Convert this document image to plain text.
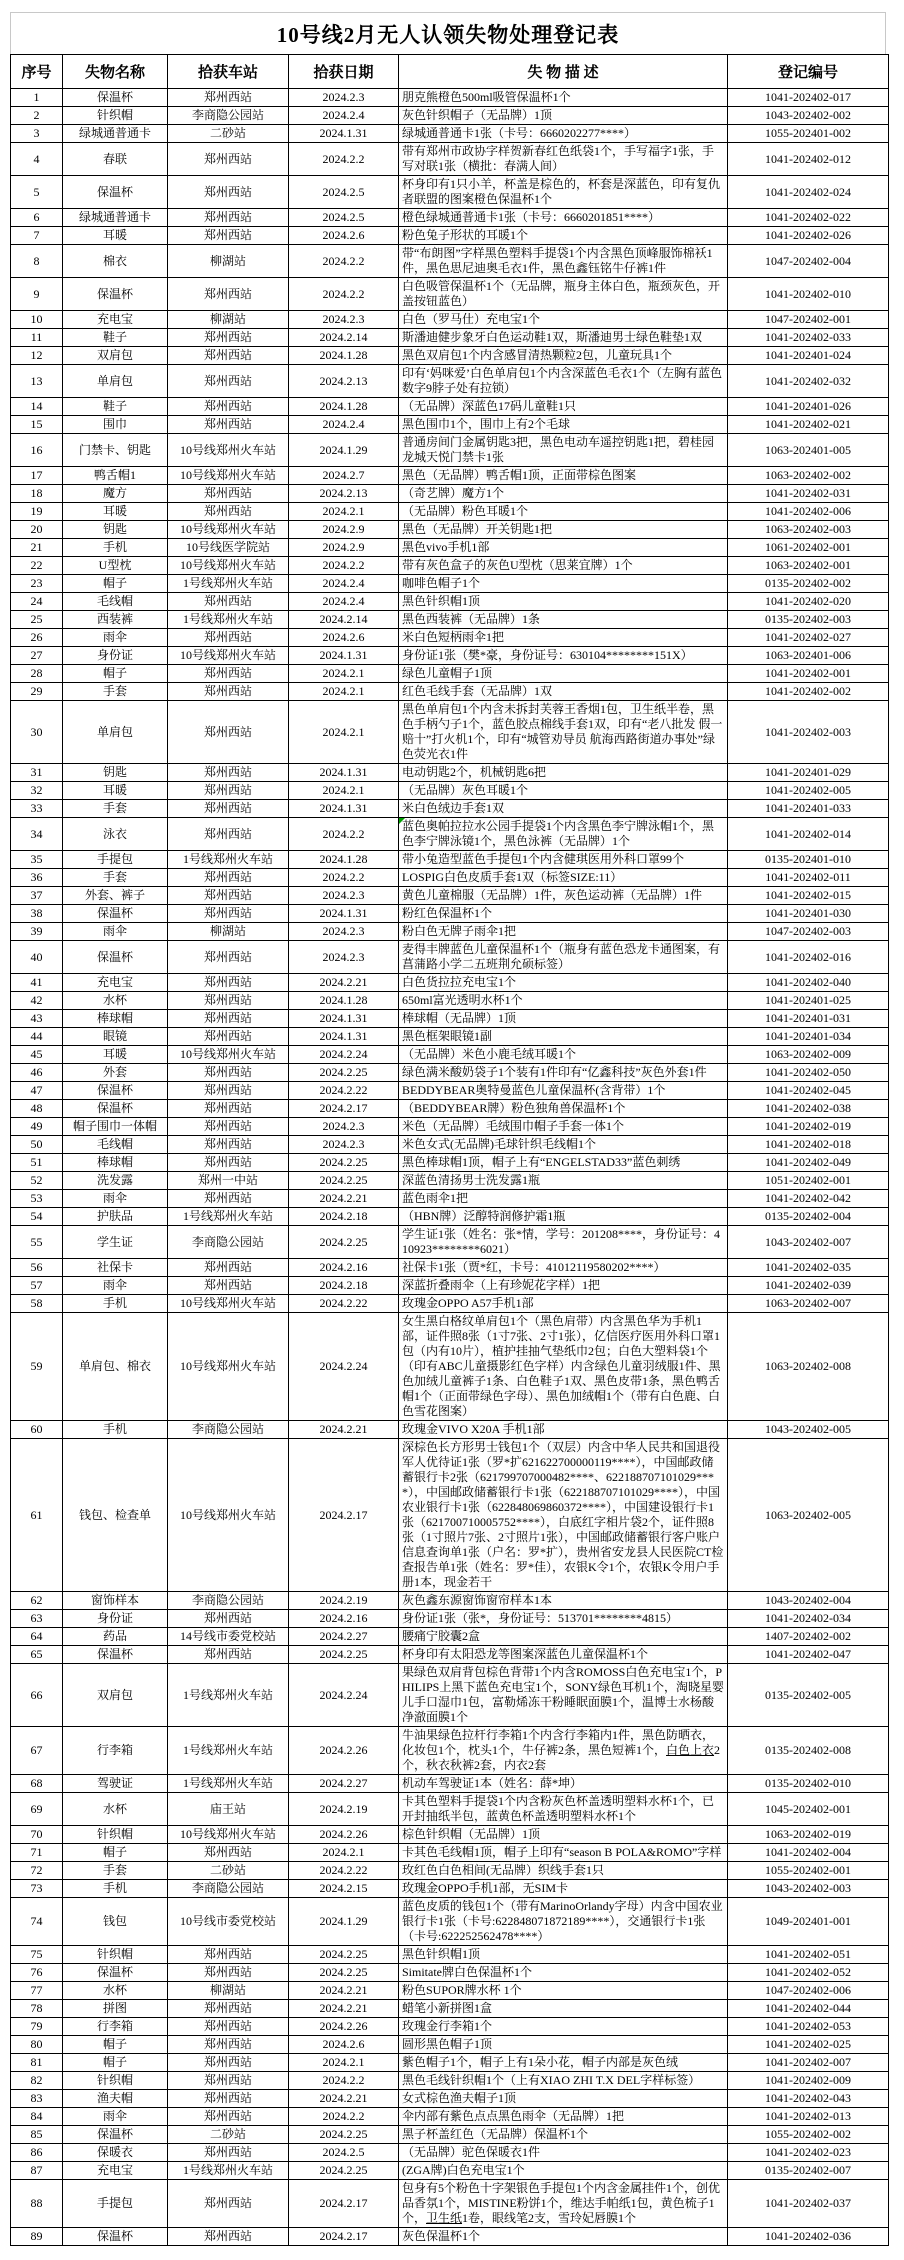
10号线2月无人认领失物处理登记表
序号	失物名称	拾获车站	拾获日期	失 物 描 述	登记编号
1	保温杯	郑州西站	2024.2.3	朋克熊橙色500ml吸管保温杯1个	1041-202402-017
2	针织帽	李商隐公园站	2024.2.4	灰色针织帽子（无品牌）1顶	1043-202402-002
3	绿城通普通卡	二砂站	2024.1.31	绿城通普通卡1张（卡号：6660202277****）	1055-202401-002
4	春联	郑州西站	2024.2.2	带有郑州市政协字样贺新春红色纸袋1个，手写福字1张，手写对联1张（横批：春满人间）	1041-202402-012
5	保温杯	郑州西站	2024.2.5	杯身印有1只小羊，杯盖是棕色的，杯套是深蓝色，印有复仇者联盟的图案橙色保温杯1个	1041-202402-024
6	绿城通普通卡	郑州西站	2024.2.5	橙色绿城通普通卡1张（卡号：6660201851****）	1041-202402-022
7	耳暖	郑州西站	2024.2.6	粉色兔子形状的耳暖1个	1041-202402-026
8	棉衣	柳湖站	2024.2.2	带“布朗图”字样黑色塑料手提袋1个内含黑色顶峰服饰棉袄1件，黑色思尼迪奥毛衣1件，黑色鑫钰铭牛仔裤1件	1047-202402-004
9	保温杯	郑州西站	2024.2.2	白色吸管保温杯1个（无品牌，瓶身主体白色，瓶颈灰色，开盖按钮蓝色）	1041-202402-010
10	充电宝	柳湖站	2024.2.3	白色（罗马仕）充电宝1个	1047-202402-001
11	鞋子	郑州西站	2024.2.14	斯潘迪健步象牙白色运动鞋1双，斯潘迪男士绿色鞋垫1双	1041-202402-033
12	双肩包	郑州西站	2024.1.28	黑色双肩包1个内含感冒清热颗粒2包，儿童玩具1个	1041-202401-024
13	单肩包	郑州西站	2024.2.13	印有‘妈咪爱’白色单肩包1个内含深蓝色毛衣1个（左胸有蓝色数字9脖子处有拉锁）	1041-202402-032
14	鞋子	郑州西站	2024.1.28	（无品牌）深蓝色17码儿童鞋1只	1041-202401-026
15	围巾	郑州西站	2024.2.4	黑色围巾1个，围巾上有2个毛球	1041-202402-021
16	门禁卡、钥匙	10号线郑州火车站	2024.1.29	普通房间门金属钥匙3把，黑色电动车遥控钥匙1把，碧桂园龙城天悦门禁卡1张	1063-202401-005
17	鸭舌帽1	10号线郑州火车站	2024.2.7	黑色（无品牌）鸭舌帽1顶，正面带棕色图案	1063-202402-002
18	魔方	郑州西站	2024.2.13	（奇艺牌）魔方1个	1041-202402-031
19	耳暖	郑州西站	2024.2.1	（无品牌）粉色耳暖1个	1041-202402-006
20	钥匙	10号线郑州火车站	2024.2.9	黑色（无品牌）开关钥匙1把	1063-202402-003
21	手机	10号线医学院站	2024.2.9	黑色vivo手机1部	1061-202402-001
22	U型枕	10号线郑州火车站	2024.2.2	带有灰色盒子的灰色U型枕（思莱宜牌）1个	1063-202402-001
23	帽子	1号线郑州火车站	2024.2.4	咖啡色帽子1个	0135-202402-002
24	毛线帽	郑州西站	2024.2.4	黑色针织帽1顶	1041-202402-020
25	西装裤	1号线郑州火车站	2024.2.14	黑色西装裤（无品牌）1条	0135-202402-003
26	雨伞	郑州西站	2024.2.6	米白色短柄雨伞1把	1041-202402-027
27	身份证	10号线郑州火车站	2024.1.31	身份证1张（樊*豪，身份证号：630104********151X）	1063-202401-006
28	帽子	郑州西站	2024.2.1	绿色儿童帽子1顶	1041-202402-001
29	手套	郑州西站	2024.2.1	红色毛线手套（无品牌）1双	1041-202402-002
30	单肩包	郑州西站	2024.2.1	黑色单肩包1个内含未拆封芙蓉王香烟1包，卫生纸半卷，黑色手柄勺子1个，蓝色胶点棉线手套1双，印有“老八批发 假一赔十”打火机1个，印有“城管劝导员 航海西路街道办事处”绿色荧光衣1件	1041-202402-003
31	钥匙	郑州西站	2024.1.31	电动钥匙2个，机械钥匙6把	1041-202401-029
32	耳暖	郑州西站	2024.2.1	（无品牌）灰色耳暖1个	1041-202402-005
33	手套	郑州西站	2024.1.31	米白色绒边手套1双	1041-202401-033
34	泳衣	郑州西站	2024.2.2	蓝色奥帕拉拉水公园手提袋1个内含黑色李宁牌泳帽1个，黑色李宁牌泳镜1个，黑色泳裤（无品牌）1个	1041-202402-014
35	手提包	1号线郑州火车站	2024.1.28	带小兔造型蓝色手提包1个内含健琪医用外科口罩99个	0135-202401-010
36	手套	郑州西站	2024.2.2	LOSPIG白色皮质手套1双（标签SIZE:11）	1041-202402-011
37	外套、裤子	郑州西站	2024.2.3	黄色儿童棉服（无品牌）1件，灰色运动裤（无品牌）1件	1041-202402-015
38	保温杯	郑州西站	2024.1.31	粉红色保温杯1个	1041-202401-030
39	雨伞	柳湖站	2024.2.3	粉白色无牌子雨伞1把	1047-202402-003
40	保温杯	郑州西站	2024.2.3	麦得丰牌蓝色儿童保温杯1个（瓶身有蓝色恐龙卡通图案，有菖蒲路小学二五班荆允硕标签）	1041-202402-016
41	充电宝	郑州西站	2024.2.21	白色货拉拉充电宝1个	1041-202402-040
42	水杯	郑州西站	2024.1.28	650ml富光透明水杯1个	1041-202401-025
43	棒球帽	郑州西站	2024.1.31	棒球帽（无品牌）1顶	1041-202401-031
44	眼镜	郑州西站	2024.1.31	黑色框架眼镜1副	1041-202401-034
45	耳暖	10号线郑州火车站	2024.2.24	（无品牌）米色小鹿毛绒耳暖1个	1063-202402-009
46	外套	郑州西站	2024.2.25	绿色满米酸奶袋子1个装有1件印有“亿鑫科技”灰色外套1件	1041-202402-050
47	保温杯	郑州西站	2024.2.22	BEDDYBEAR奥特曼蓝色儿童保温杯(含背带）1个	1041-202402-045
48	保温杯	郑州西站	2024.2.17	（BEDDYBEAR牌）粉色独角兽保温杯1个	1041-202402-038
49	帽子围巾一体帽	郑州西站	2024.2.3	米色（无品牌）毛绒围巾帽子手套一体1个	1041-202402-019
50	毛线帽	郑州西站	2024.2.3	米色女式(无品牌)毛球针织毛线帽1个	1041-202402-018
51	棒球帽	郑州西站	2024.2.25	黑色棒球帽1顶，帽子上有“ENGELSTAD33”蓝色刺绣	1041-202402-049
52	洗发露	郑州一中站	2024.2.25	深蓝色清扬男士洗发露1瓶	1051-202402-001
53	雨伞	郑州西站	2024.2.21	蓝色雨伞1把	1041-202402-042
54	护肤品	1号线郑州火车站	2024.2.18	（HBN牌）泛醇特润修护霜1瓶	0135-202402-004
55	学生证	李商隐公园站	2024.2.25	学生证1张（姓名：张*情，学号：201208****，身份证号：410923********6021）	1043-202402-007
56	社保卡	郑州西站	2024.2.16	社保卡1张（贾*红，卡号：41012119580202****）	1041-202402-035
57	雨伞	郑州西站	2024.2.18	深蓝折叠雨伞（上有珍妮花字样）1把	1041-202402-039
58	手机	10号线郑州火车站	2024.2.22	玫瑰金OPPO A57手机1部	1063-202402-007
59	单肩包、棉衣	10号线郑州火车站	2024.2.24	女生黑白格纹单肩包1个（黑色肩带）内含黑色华为手机1部，证件照8张（1寸7张、2寸1张），亿信医疗医用外科口罩1包（内有10片），植护挂抽气垫纸巾2包；白色大塑料袋1个（印有ABC儿童摄影红色字样）内含绿色儿童羽绒服1件、黑色加绒儿童裤子1条、白色鞋子1双、黑色皮带1条，黑色鸭舌帽1个（正面带绿色字母）、黑色加绒帽1个（带有白色鹿、白色雪花图案）	1063-202402-008
60	手机	李商隐公园站	2024.2.21	玫瑰金VIVO X20A 手机1部	1043-202402-005
61	钱包、检查单	10号线郑州火车站	2024.2.17	深棕色长方形男士钱包1个（双层）内含中华人民共和国退役军人优待证1张（罗*扩621622700000119****），中国邮政储蓄银行卡2张（621799707000482****、622188707101029****），中国邮政储蓄银行卡1张（622188707101029****），中国农业银行卡1张（622848069860372****），中国建设银行卡1张（621700710005752****），白底红字相片袋2个，证件照8张（1寸照片7张、2寸照片1张），中国邮政储蓄银行客户账户信息查询单1张（户名：罗*扩），贵州省安龙县人民医院CT检查报告单1张（姓名：罗*佳），农银K令1个，农银K令用户手册1本，现金若干	1063-202402-005
62	窗饰样本	李商隐公园站	2024.2.19	灰色鑫东源窗饰窗帘样本1本	1043-202402-004
63	身份证	郑州西站	2024.2.16	身份证1张（张*，身份证号：513701********4815）	1041-202402-034
64	药品	14号线市委党校站	2024.2.27	腰痛宁胶囊2盒	1407-202402-002
65	保温杯	郑州西站	2024.2.25	杯身印有太阳恐龙等图案深蓝色儿童保温杯1个	1041-202402-047
66	双肩包	1号线郑州火车站	2024.2.24	果绿色双肩背包棕色背带1个内含ROMOSS白色充电宝1个，PHILIPS上黑下蓝色充电宝1个，SONY绿色耳机1个，淘晓星婴儿手口湿巾1包，富勒烯冻干粉睡眠面膜1个，温博士水杨酸净澈面膜1个	0135-202402-005
67	行李箱	1号线郑州火车站	2024.2.26	牛油果绿色拉杆行李箱1个内含行李箱内1件，黑色防晒衣，化妆包1个，枕头1个，牛仔裤2条，黑色短裤1个，白色上衣2个，秋衣秋裤2套，内衣2套	0135-202402-008
68	驾驶证	1号线郑州火车站	2024.2.27	机动车驾驶证1本（姓名：薛*坤）	0135-202402-010
69	水杯	庙王站	2024.2.19	卡其色塑料手提袋1个内含粉灰色杯盖透明塑料水杯1个，已开封抽纸半包，蓝黄色杯盖透明塑料水杯1个	1045-202402-001
70	针织帽	10号线郑州火车站	2024.2.26	棕色针织帽（无品牌）1顶	1063-202402-019
71	帽子	郑州西站	2024.2.1	卡其色毛线帽1顶，帽子上印有“season B POLA&ROMO”字样	1041-202402-004
72	手套	二砂站	2024.2.22	玫红色白色相间(无品牌）织线手套1只	1055-202402-001
73	手机	李商隐公园站	2024.2.15	玫瑰金OPPO手机1部，无SIM卡	1043-202402-003
74	钱包	10号线市委党校站	2024.1.29	蓝色皮质的钱包1个（带有MarinoOrlandy字母）内含中国农业银行卡1张（卡号:622848071872189****），交通银行卡1张（卡号:622252562478****）	1049-202401-001
75	针织帽	郑州西站	2024.2.25	黑色针织帽1顶	1041-202402-051
76	保温杯	郑州西站	2024.2.25	Simitate牌白色保温杯1个	1041-202402-052
77	水杯	柳湖站	2024.2.21	粉色SUPOR牌水杯 1个	1047-202402-006
78	拼图	郑州西站	2024.2.21	蜡笔小新拼图1盒	1041-202402-044
79	行李箱	郑州西站	2024.2.26	玫瑰金行李箱1个	1041-202402-053
80	帽子	郑州西站	2024.2.6	圆形黑色帽子1顶	1041-202402-025
81	帽子	郑州西站	2024.2.1	紫色帽子1个，帽子上有1朵小花，帽子内部是灰色绒	1041-202402-007
82	针织帽	郑州西站	2024.2.2	黑色毛线针织帽1个（上有XIAO ZHI T.X DEL字样标签）	1041-202402-009
83	渔夫帽	郑州西站	2024.2.21	女式棕色渔夫帽子1顶	1041-202402-043
84	雨伞	郑州西站	2024.2.2	伞内部有紫色点点黑色雨伞（无品牌）1把	1041-202402-013
85	保温杯	二砂站	2024.2.25	黑子杯盖红色（无品牌）保温杯1个	1055-202402-002
86	保暖衣	郑州西站	2024.2.5	（无品牌）驼色保暖衣1件	1041-202402-023
87	充电宝	1号线郑州火车站	2024.2.25	(ZGA牌)白色充电宝1个	0135-202402-007
88	手提包	郑州西站	2024.2.17	包身有5个粉色十字架银色手提包1个内含金属挂件1个，创优品香氛1个，MISTINE粉饼1个，维达手帕纸1包，黄色梳子1个，卫生纸1卷，眼线笔2支，雪玲妃唇膜1个	1041-202402-037
89	保温杯	郑州西站	2024.2.17	灰色保温杯1个	1041-202402-036
